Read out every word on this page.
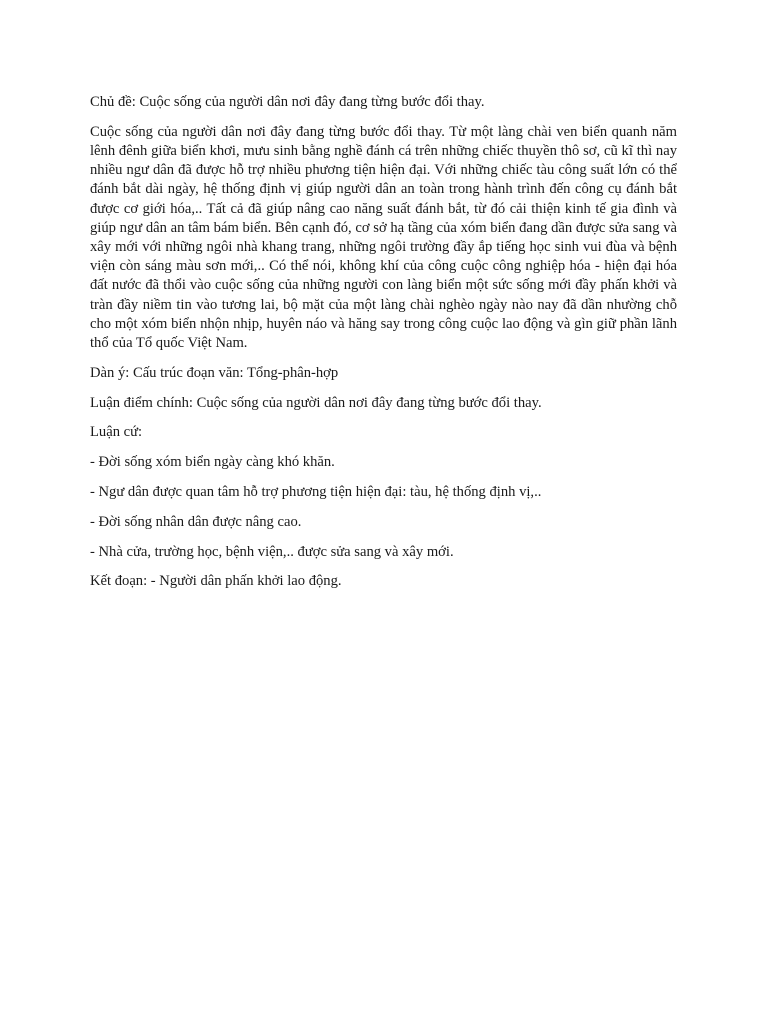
Chủ đề: Cuộc sống của người dân nơi đây đang từng bước đổi thay.

Cuộc sống của người dân nơi đây đang từng bước đổi thay. Từ một làng chài ven biển quanh năm lênh đênh giữa biển khơi, mưu sinh bằng nghề đánh cá trên những chiếc thuyền thô sơ, cũ kĩ thì nay nhiều ngư dân đã được hỗ trợ nhiều phương tiện hiện đại. Với những chiếc tàu công suất lớn có thể đánh bắt dài ngày, hệ thống định vị giúp người dân an toàn trong hành trình đến công cụ đánh bắt được cơ giới hóa,.. Tất cả đã giúp nâng cao năng suất đánh bắt, từ đó cải thiện kinh tế gia đình và giúp ngư dân an tâm bám biển. Bên cạnh đó, cơ sở hạ tầng của xóm biển đang dần được sửa sang và xây mới với những ngôi nhà khang trang, những ngôi trường đầy ắp tiếng học sinh vui đùa và bệnh viện còn sáng màu sơn mới,.. Có thể nói, không khí của công cuộc công nghiệp hóa - hiện đại hóa đất nước đã thổi vào cuộc sống của những người con làng biển một sức sống mới đầy phấn khởi và tràn đầy niềm tin vào tương lai, bộ mặt của một làng chài nghèo ngày nào nay đã dần nhường chỗ cho một xóm biển nhộn nhịp, huyên náo và hăng say trong công cuộc lao động và gìn giữ phần lãnh thổ của Tổ quốc Việt Nam.

Dàn ý: Cấu trúc đoạn văn: Tổng-phân-hợp

Luận điểm chính: Cuộc sống của người dân nơi đây đang từng bước đổi thay.

Luận cứ:

- Đời sống xóm biển ngày càng khó khăn.

- Ngư dân được quan tâm hỗ trợ phương tiện hiện đại: tàu, hệ thống định vị,..

- Đời sống nhân dân được nâng cao.

- Nhà cửa, trường học, bệnh viện,.. được sửa sang và xây mới.

Kết đoạn: - Người dân phấn khởi lao động.
